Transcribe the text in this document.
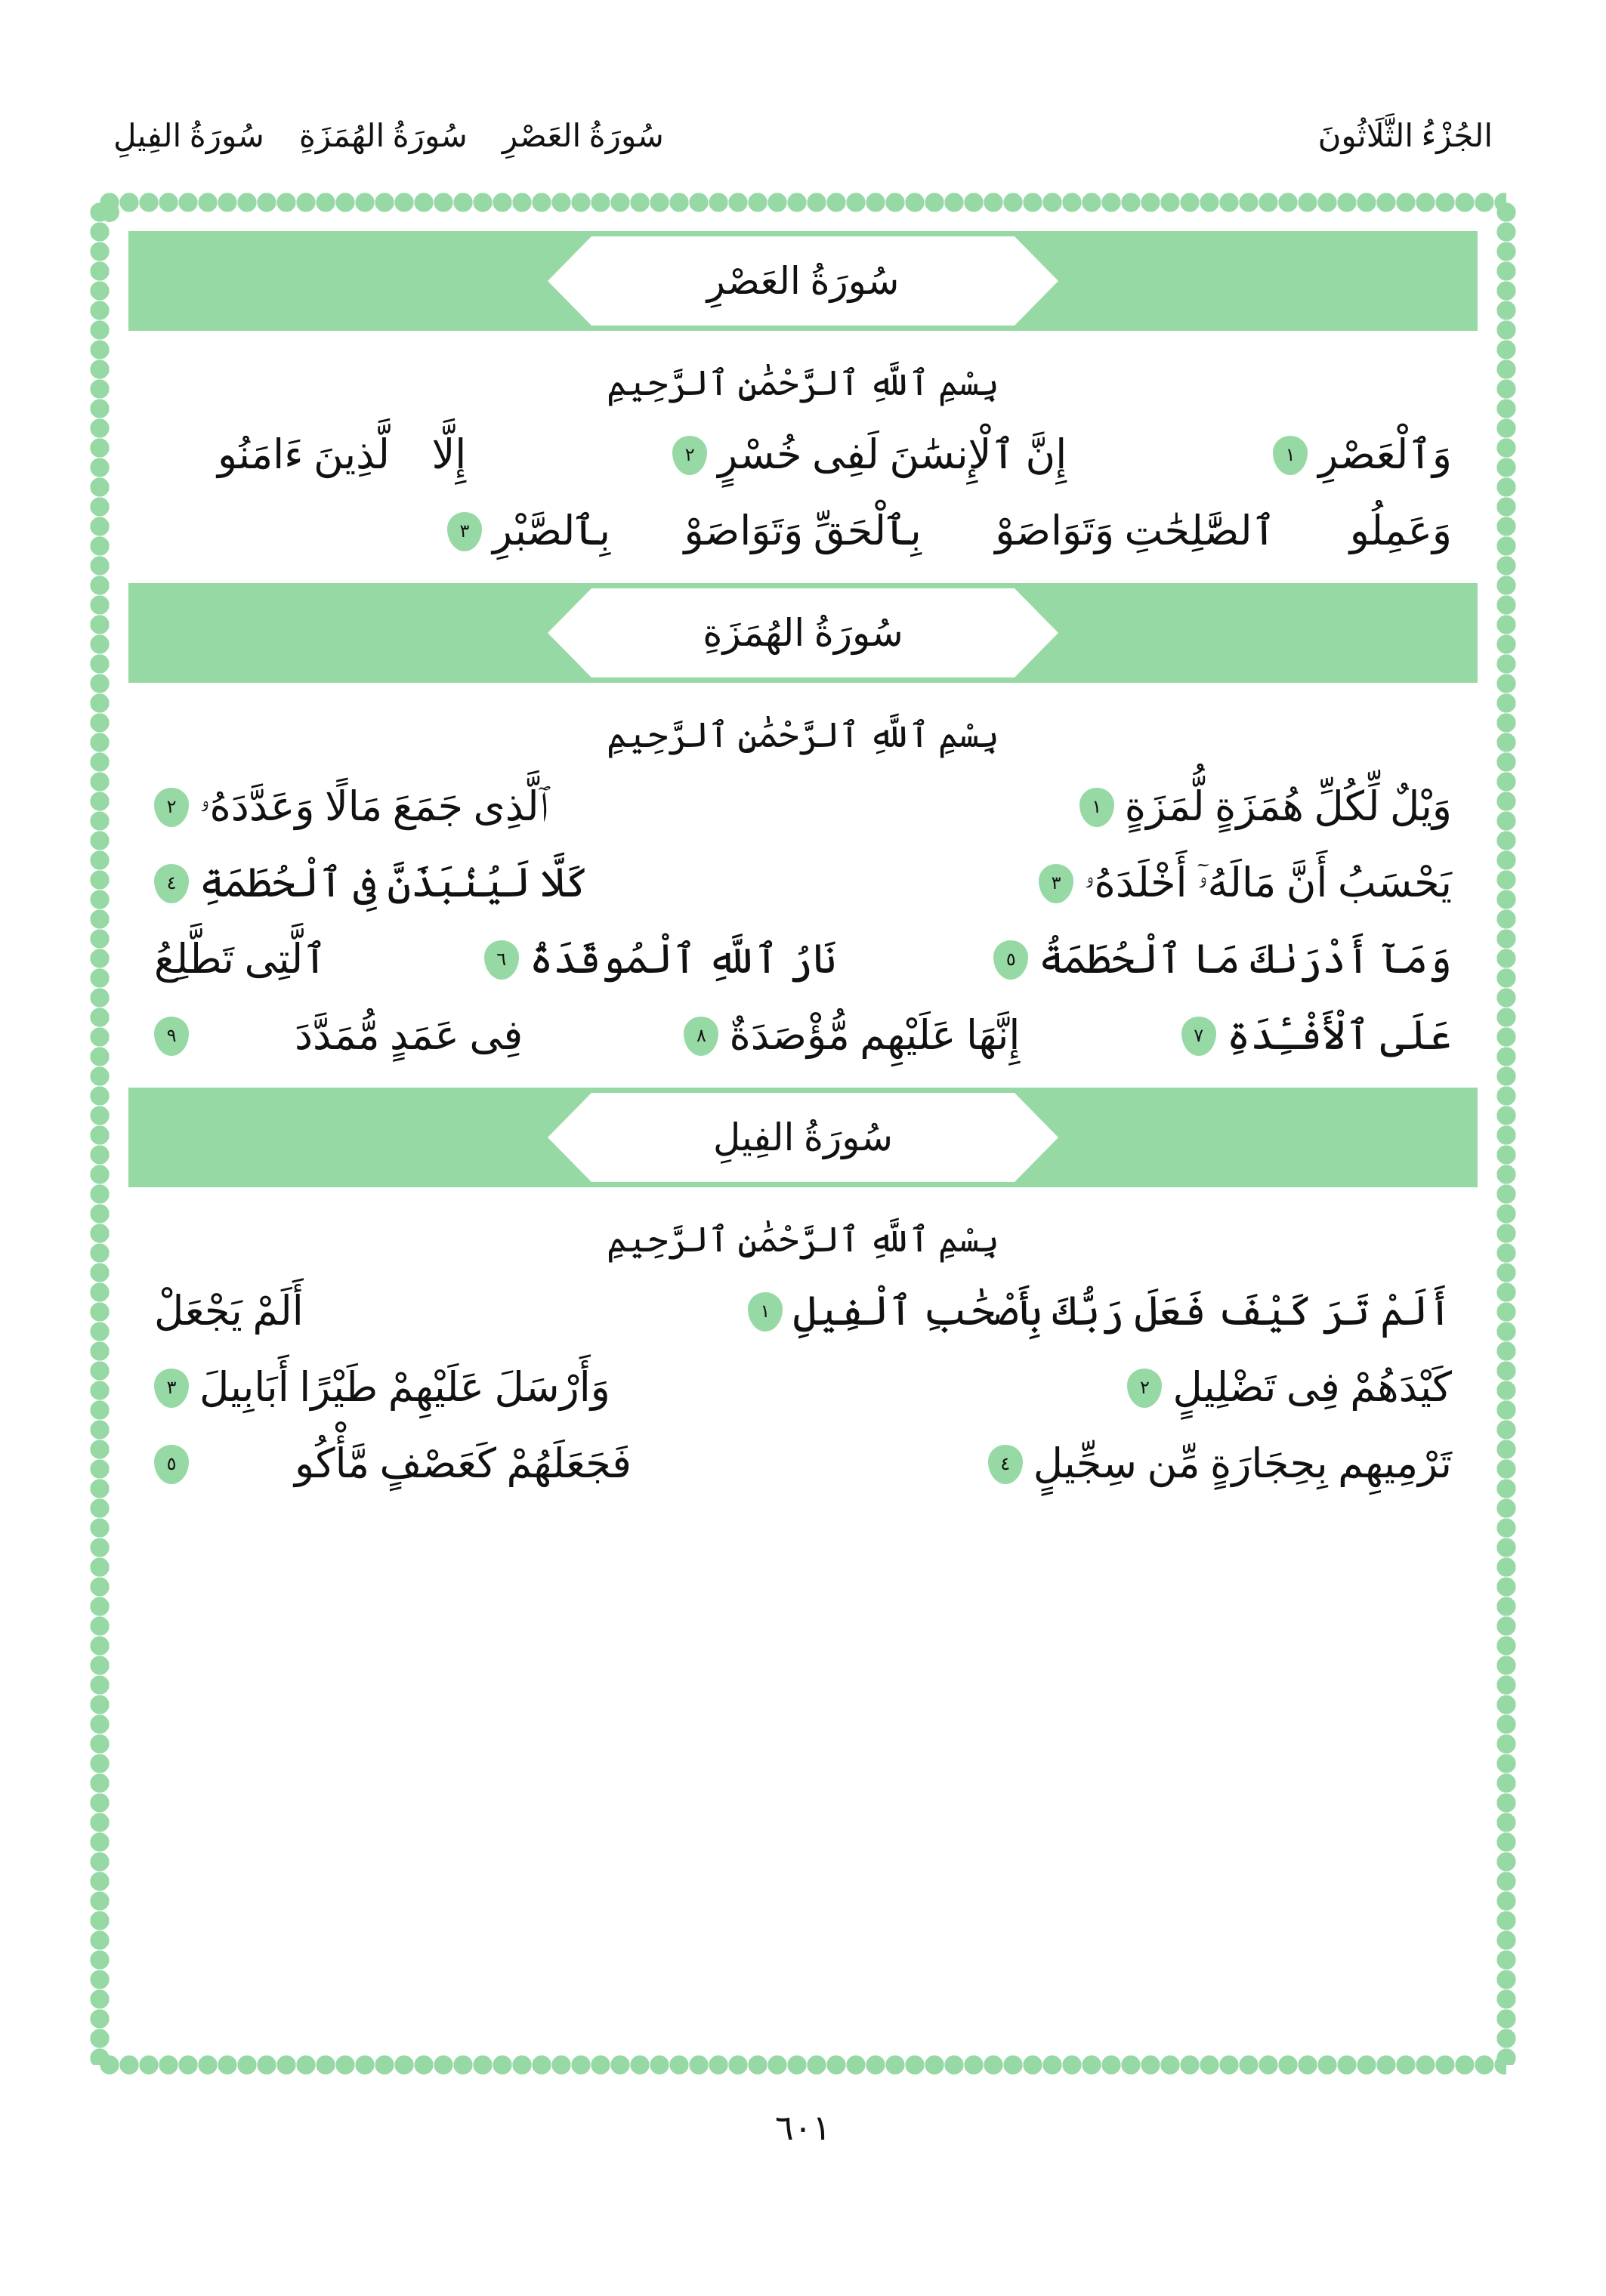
الجُزْءُ الثَّلَاثُونَ
سُورَةُ العَصْرِ
سُورَةُ الهُمَزَةِ
سُورَةُ الفِيلِ
سُورَةُ العَصْرِ
بِسْمِ ٱللَّهِ ٱلرَّحْمَٰنِ ٱلرَّحِيمِ
وَٱلْعَصْرِ
١
إِنَّ ٱلْإِنسَٰنَ لَفِى خُسْرٍ
٢
إِلَّا ٱلَّذِينَ ءَامَنُوا۟
وَعَمِلُوا۟ ٱلصَّٰلِحَٰتِ وَتَوَاصَوْا۟ بِٱلْحَقِّ وَتَوَاصَوْا۟ بِٱلصَّبْرِ
٣
سُورَةُ الهُمَزَةِ
بِسْمِ ٱللَّهِ ٱلرَّحْمَٰنِ ٱلرَّحِيمِ
وَيْلٌ لِّكُلِّ هُمَزَةٍ لُّمَزَةٍ
١
ٱلَّذِى جَمَعَ مَالًا وَعَدَّدَهُۥ
٢
يَحْسَبُ أَنَّ مَالَهُۥٓ أَخْلَدَهُۥ
٣
كَلَّا لَيُنۢبَذَنَّ فِى ٱلْحُطَمَةِ
٤
وَمَآ أَدْرَىٰكَ مَا ٱلْحُطَمَةُ
٥
نَارُ ٱللَّهِ ٱلْمُوقَدَةُ
٦
ٱلَّتِى تَطَّلِعُ
عَلَى ٱلْأَفْـِٔدَةِ
٧
إِنَّهَا عَلَيْهِم مُّؤْصَدَةٌ
٨
فِى عَمَدٍ مُّمَدَّدَةٍۭ
٩
سُورَةُ الفِيلِ
بِسْمِ ٱللَّهِ ٱلرَّحْمَٰنِ ٱلرَّحِيمِ
أَلَمْ تَرَ كَيْفَ فَعَلَ رَبُّكَ بِأَصْحَٰبِ ٱلْفِيلِ
١
أَلَمْ يَجْعَلْ
كَيْدَهُمْ فِى تَضْلِيلٍ
٢
وَأَرْسَلَ عَلَيْهِمْ طَيْرًا أَبَابِيلَ
٣
تَرْمِيهِم بِحِجَارَةٍ مِّن سِجِّيلٍ
٤
فَجَعَلَهُمْ كَعَصْفٍ مَّأْكُولٍۭ
٥
٦٠١
